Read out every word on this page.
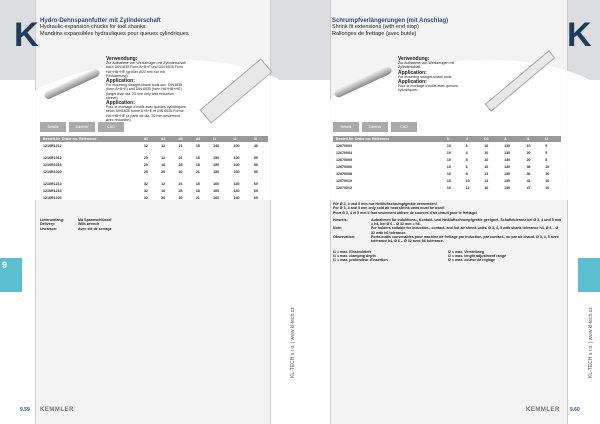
K	K
Hydro-Dehnspannfutter mit Zylinderschaft
Hydraulic expansion chucks for tool shanks
Mandrins expansibles hydrauliques pour queues cylindriques
Verwendung:
Zur Aufnahme von Werkzeugen mit Zylinderschaft nach DIN1835 Form A+B+E und DIN 6535 Form HA+HB+HE (größer Ø20 mm nur mit Reduzierung).
Application:
For mounting straight-shank tools acc. DIN1835 (form A+B+E) and DIN 6535 (form HA+HB+HE) (larger than dia. 20 mm only with reduction sleeve).
Application:
Pour le montage d'outils avec queues cylindriques selon DIN1835 forme A+B+E et DIN 6535 Forme HA+HB+HE (à partir de dia. 20 mm seulement avec réduction).
Details	Zubehör	CAD
Bestell-Nr. Order no. Référence	d1	d2	d3	d4	l1	l2	l3
1216R1212	12	12	21	15	140	100	46

1216R1012	20	12	21	15	150	100	50
1216R1016	20	16	25	18	150	100	50
1216R1020	20	20	30	21	150	100	50

1216R1212	32	12	21	15	160	140	60
1216R1216	32	16	25	18	160	140	60
1216R1220	32	20	30	21	160	140	60
Lieferumfang:	Mit Spannschlüssel
Delivery:	With wrench
Livraison:	Avec clé de serrage
9
9.59 KEMMLER
KL-TECH s.r.o. | www.kl-tech.cz
Schrumpfverlängerungen (mit Anschlag)
Shrink fit extensions (with end stop)
Rallonges de frettage (avec butée)
Verwendung:
Zur Aufnahme von Werkzeugen mit Zylinderschaft.
Application:
For mounting straight-shank tools.
Application:
Pour le montage d'outils avec queues cylindriques.
Details	Zubehör	CAD
Bestell-Nr. Order no. Référence	D	d	D1	A	l1	l2
12670003	10	3	10	130	10	5
12670004	10	4	10	130	20	5
12670005	10	5	10	130	20	5
12670006	10	6	10	130	36	10
12670008	10	8	13	130	36	10
12670010	10	10	14	130	41	10
12670012	10	12	16	130	47	10
Für Ø 3, 4 und 5 mm nur Heißluftschrumpfgeräte verwenden!
For Ø 3, 4 and 5 mm only cold air heat shrink units must be used!
Pour Ø 3, 4 et 5 mm il faut seulement utiliser de sources d'air chaud pour le frettage!
Hinweis:	Aufnahmen für Induktions-, Kontakt- und Heißluftschrumpfgeräte geeignet. Schaftdoleranz bei Ø 3, 4 und 5 mm = h4, bei Ø 6 – Ø 32 mm = h6.
Note:	For holders suitable for induction-, contact- and hot air shrink units. Ø 3, 4, 5 with shank tolerance h4, Ø 6 – Ø 32 with h6 tolerance.
Observation:	Porte-outils convenables pour machine de frettage par induction, par contact-, ou par air chaud. Ø 3, 4, 5 avec tolérance h4, Ø 6 – Ø 32 avec h6 tolérance.
l1 = max. Einstecktiefe	l2 = max. Verstellweg
l1 = max. clamping depth	l2 = max. length adjustment range
l1 = max. profondeur d'insertion	l2 = max. course de réglage
9.60
KEMMLER
KL-TECH s.r.o. | www.kl-tech.cz
